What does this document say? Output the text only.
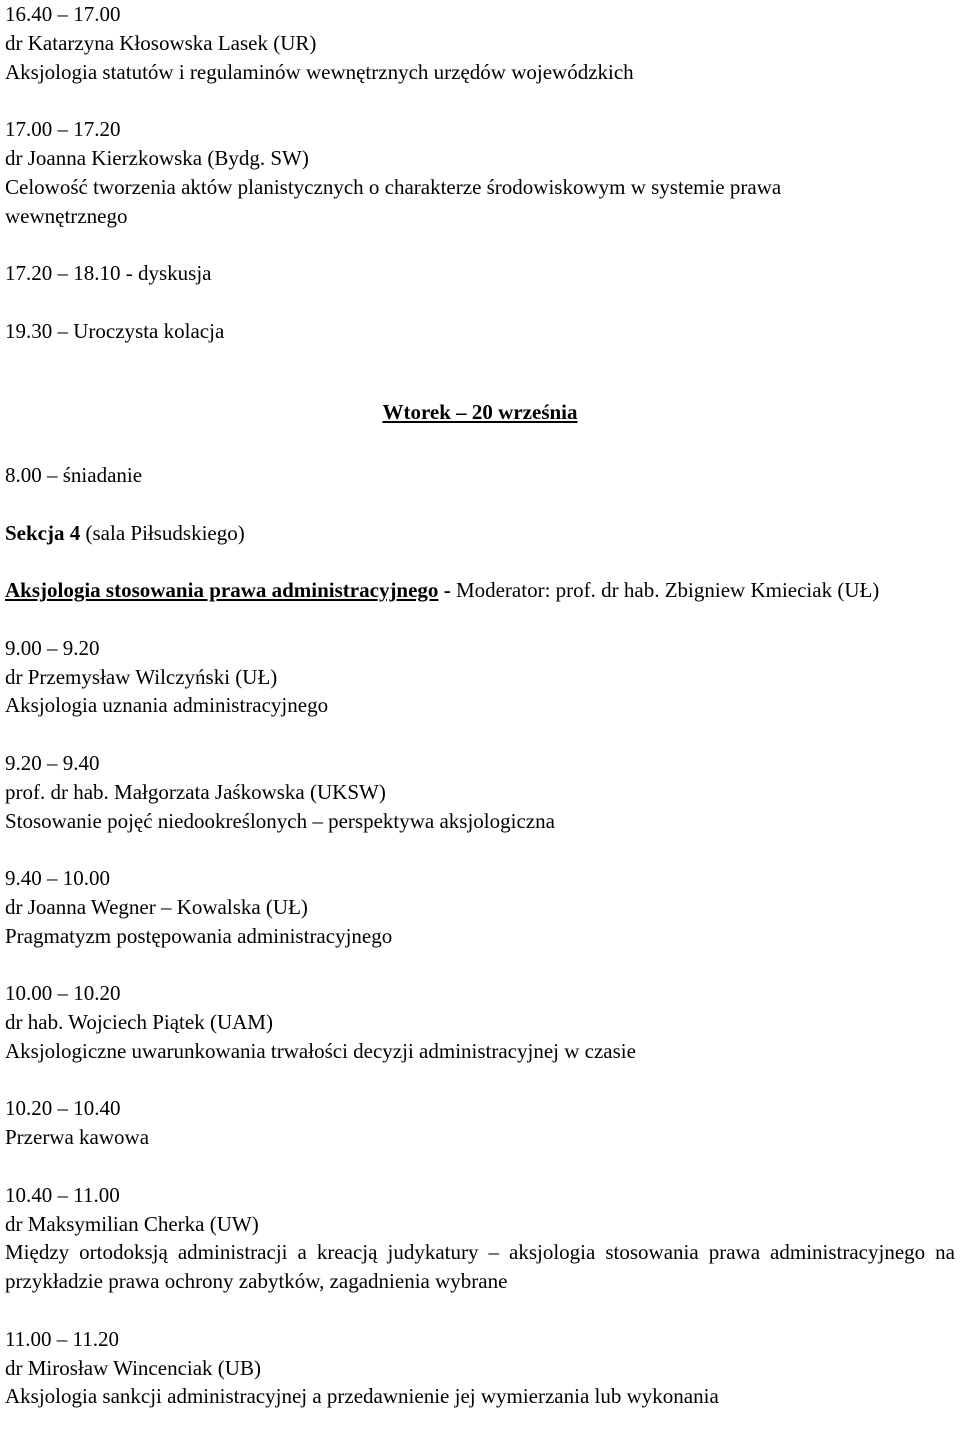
16.40 – 17.00
dr Katarzyna Kłosowska Lasek (UR)
Aksjologia statutów i regulaminów wewnętrznych urzędów wojewódzkich
17.00 – 17.20
dr Joanna Kierzkowska (Bydg. SW)
Celowość tworzenia aktów planistycznych o charakterze środowiskowym w systemie prawa
wewnętrznego
17.20 – 18.10 - dyskusja
19.30 – Uroczysta kolacja
Wtorek – 20 września
8.00 – śniadanie
Sekcja 4 (sala Piłsudskiego)
Aksjologia stosowania prawa administracyjnego - Moderator: prof. dr hab. Zbigniew Kmieciak (UŁ)
9.00 – 9.20
dr Przemysław Wilczyński (UŁ)
Aksjologia uznania administracyjnego
9.20 – 9.40
prof. dr hab. Małgorzata Jaśkowska (UKSW)
Stosowanie pojęć niedookreślonych – perspektywa aksjologiczna
9.40 – 10.00
dr Joanna Wegner – Kowalska (UŁ)
Pragmatyzm postępowania administracyjnego
10.00 – 10.20
dr hab. Wojciech Piątek (UAM)
Aksjologiczne uwarunkowania trwałości decyzji administracyjnej w czasie
10.20 – 10.40
Przerwa kawowa
10.40 – 11.00
dr Maksymilian Cherka (UW)
Między ortodoksją administracji a kreacją judykatury – aksjologia stosowania prawa administracyjnego na przykładzie prawa ochrony zabytków, zagadnienia wybrane
11.00 – 11.20
dr Mirosław Wincenciak (UB)
Aksjologia sankcji administracyjnej a przedawnienie jej wymierzania lub wykonania
